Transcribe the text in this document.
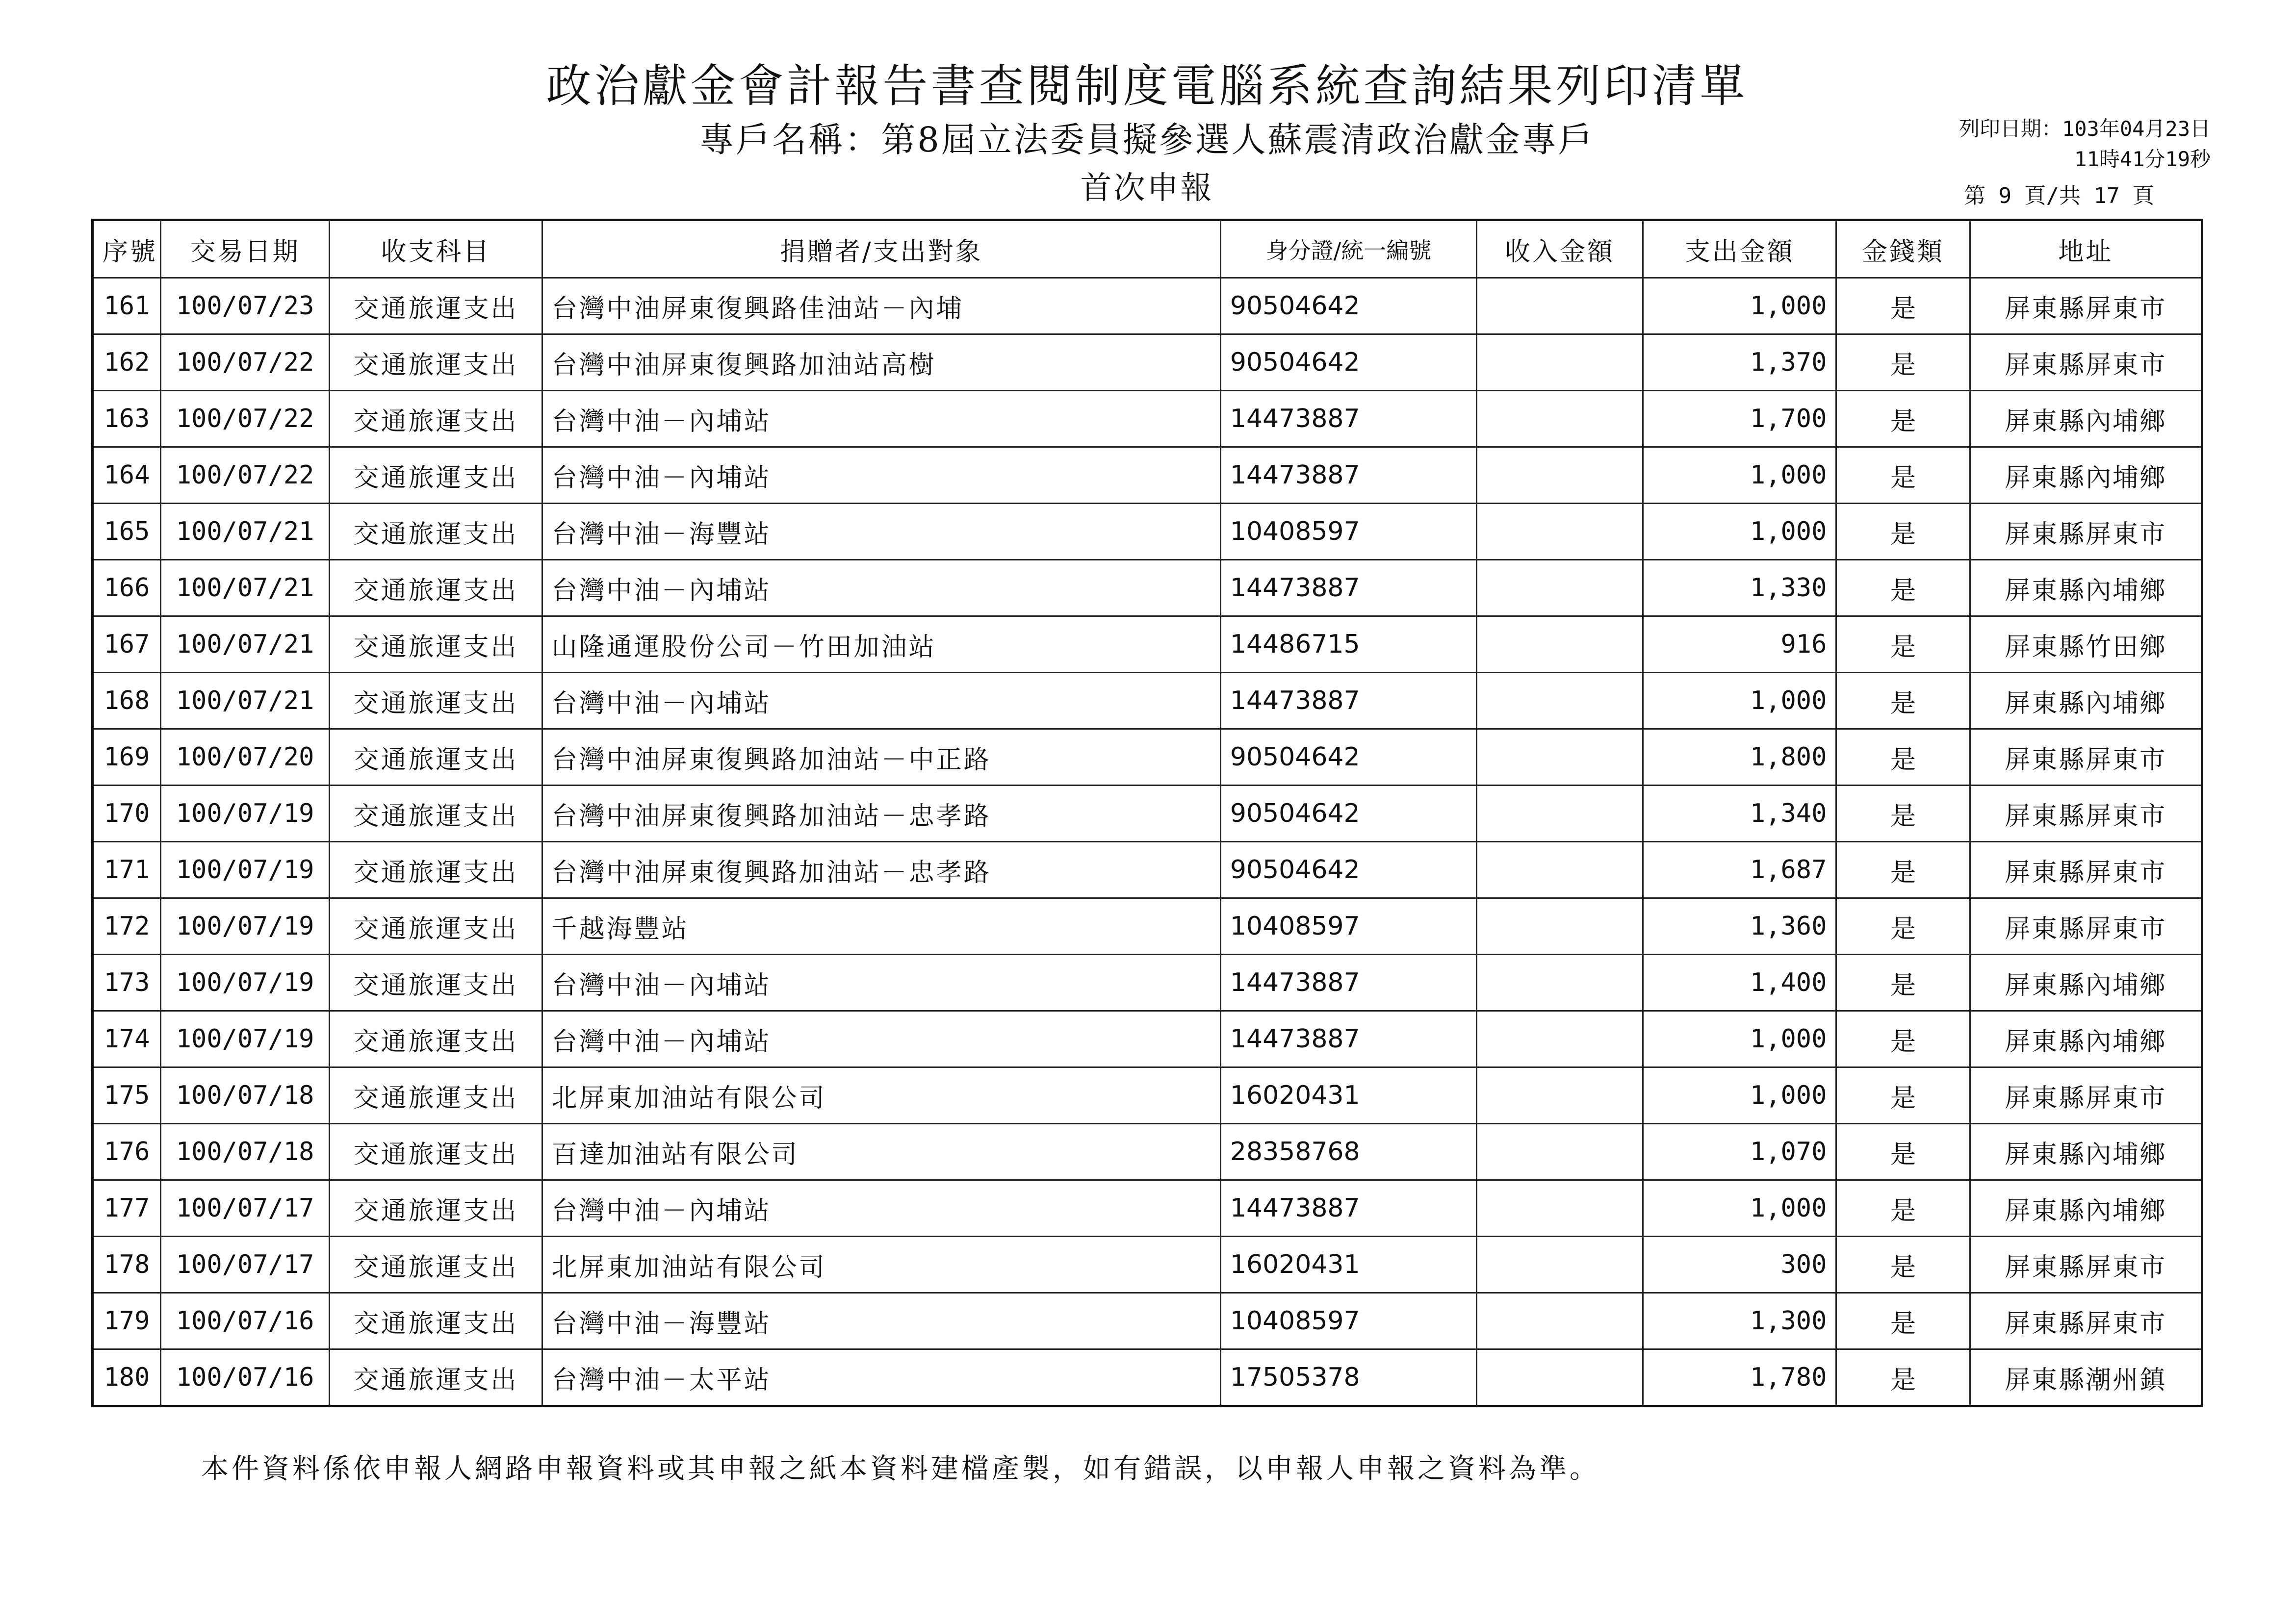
政治獻金會計報告書查閱制度電腦系統查詢結果列印清單
專戶名稱：第8屆立法委員擬參選人蘇震清政治獻金專戶
首次申報
列印日期：103年04月23日
11時41分19秒
第 9 頁/共 17 頁
序號	交易日期	收支科目	捐贈者/支出對象	身分證/統一編號	收入金額	支出金額	金錢類	地址
161	100/07/23	交通旅運支出	台灣中油屏東復興路佳油站－內埔	90504642		1,000	是	屏東縣屏東市
162	100/07/22	交通旅運支出	台灣中油屏東復興路加油站高樹	90504642		1,370	是	屏東縣屏東市
163	100/07/22	交通旅運支出	台灣中油－內埔站	14473887		1,700	是	屏東縣內埔鄉
164	100/07/22	交通旅運支出	台灣中油－內埔站	14473887		1,000	是	屏東縣內埔鄉
165	100/07/21	交通旅運支出	台灣中油－海豐站	10408597		1,000	是	屏東縣屏東市
166	100/07/21	交通旅運支出	台灣中油－內埔站	14473887		1,330	是	屏東縣內埔鄉
167	100/07/21	交通旅運支出	山隆通運股份公司－竹田加油站	14486715		916	是	屏東縣竹田鄉
168	100/07/21	交通旅運支出	台灣中油－內埔站	14473887		1,000	是	屏東縣內埔鄉
169	100/07/20	交通旅運支出	台灣中油屏東復興路加油站－中正路	90504642		1,800	是	屏東縣屏東市
170	100/07/19	交通旅運支出	台灣中油屏東復興路加油站－忠孝路	90504642		1,340	是	屏東縣屏東市
171	100/07/19	交通旅運支出	台灣中油屏東復興路加油站－忠孝路	90504642		1,687	是	屏東縣屏東市
172	100/07/19	交通旅運支出	千越海豐站	10408597		1,360	是	屏東縣屏東市
173	100/07/19	交通旅運支出	台灣中油－內埔站	14473887		1,400	是	屏東縣內埔鄉
174	100/07/19	交通旅運支出	台灣中油－內埔站	14473887		1,000	是	屏東縣內埔鄉
175	100/07/18	交通旅運支出	北屏東加油站有限公司	16020431		1,000	是	屏東縣屏東市
176	100/07/18	交通旅運支出	百達加油站有限公司	28358768		1,070	是	屏東縣內埔鄉
177	100/07/17	交通旅運支出	台灣中油－內埔站	14473887		1,000	是	屏東縣內埔鄉
178	100/07/17	交通旅運支出	北屏東加油站有限公司	16020431		300	是	屏東縣屏東市
179	100/07/16	交通旅運支出	台灣中油－海豐站	10408597		1,300	是	屏東縣屏東市
180	100/07/16	交通旅運支出	台灣中油－太平站	17505378		1,780	是	屏東縣潮州鎮
本件資料係依申報人網路申報資料或其申報之紙本資料建檔產製，如有錯誤，以申報人申報之資料為準。
